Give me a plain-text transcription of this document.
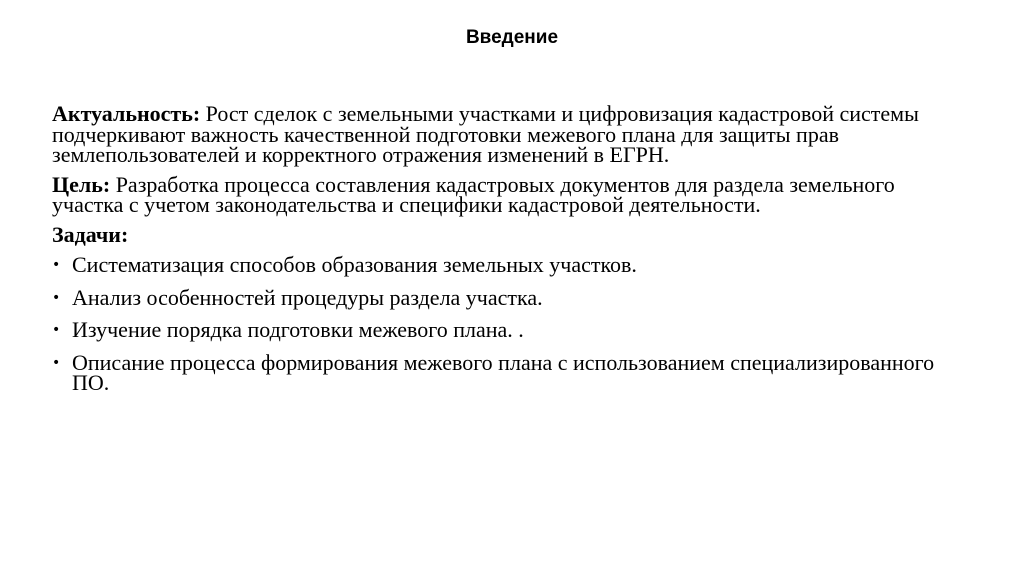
Введение

Актуальность: Рост сделок с земельными участками и цифровизация кадастровой системы подчеркивают важность качественной подготовки межевого плана для защиты прав землепользователей и корректного отражения изменений в ЕГРН.

Цель: Разработка процесса составления кадастровых документов для раздела земельного участка с учетом законодательства и специфики кадастровой деятельности.

Задачи:
• Систематизация способов образования земельных участков.
• Анализ особенностей процедуры раздела участка.
• Изучение порядка подготовки межевого плана. .
• Описание процесса формирования межевого плана с использованием специализированного ПО.
